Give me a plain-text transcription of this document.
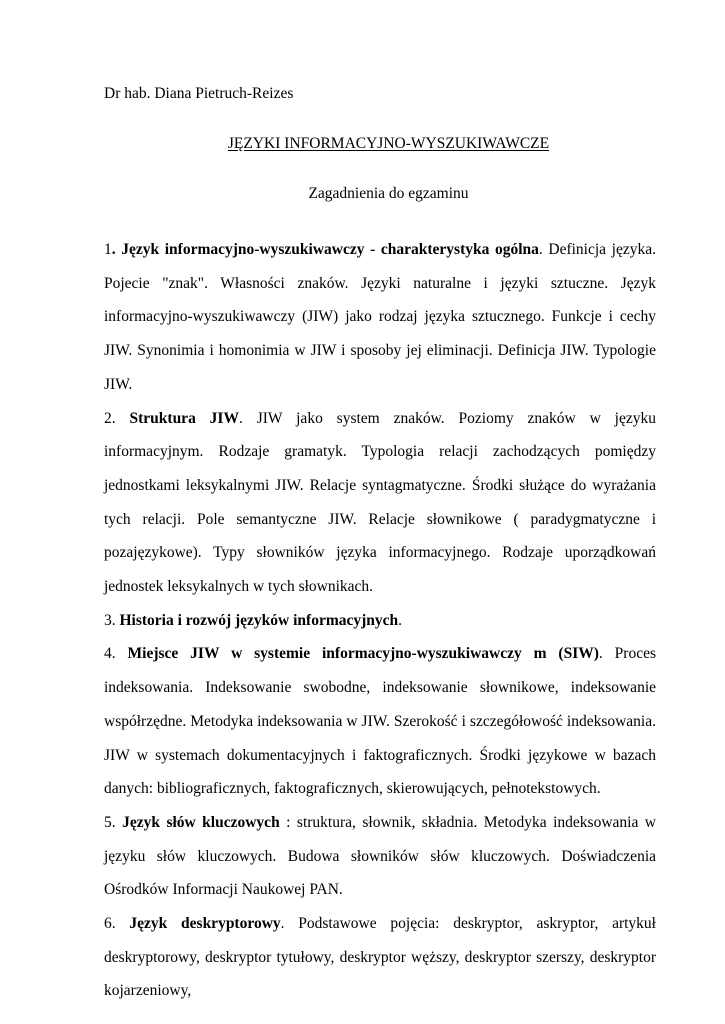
Dr hab. Diana Pietruch-Reizes
JĘZYKI INFORMACYJNO-WYSZUKIWAWCZE
Zagadnienia do egzaminu

1. Język informacyjno-wyszukiwawczy - charakterystyka ogólna. Definicja języka. Pojecie "znak". Własności znaków. Języki naturalne i języki sztuczne. Język informacyjno-wyszukiwawczy (JIW) jako rodzaj języka sztucznego. Funkcje i cechy JIW. Synonimia i homonimia w JIW i sposoby jej eliminacji. Definicja JIW. Typologie JIW.

2. Struktura JIW. JIW jako system znaków. Poziomy znaków w języku informacyjnym. Rodzaje gramatyk. Typologia relacji zachodzących pomiędzy jednostkami leksykalnymi JIW. Relacje syntagmatyczne. Środki służące do wyrażania tych relacji. Pole semantyczne JIW. Relacje słownikowe ( paradygmatyczne i pozajęzykowe). Typy słowników języka informacyjnego. Rodzaje uporządkowań jednostek leksykalnych w tych słownikach.

3. Historia i rozwój języków informacyjnych.

4. Miejsce JIW w systemie informacyjno-wyszukiwawczy m (SIW). Proces indeksowania. Indeksowanie swobodne, indeksowanie słownikowe, indeksowanie współrzędne. Metodyka indeksowania w JIW. Szerokość i szczegółowość indeksowania. JIW w systemach dokumentacyjnych i faktograficznych. Środki językowe w bazach danych: bibliograficznych, faktograficznych, skierowujących, pełnotekstowych.

5. Język słów kluczowych : struktura, słownik, składnia. Metodyka indeksowania w języku słów kluczowych. Budowa słowników słów kluczowych. Doświadczenia Ośrodków Informacji Naukowej PAN.

6. Język deskryptorowy. Podstawowe pojęcia: deskryptor, askryptor, artykuł deskryptorowy, deskryptor tytułowy, deskryptor węższy, deskryptor szerszy, deskryptor kojarzeniowy,
